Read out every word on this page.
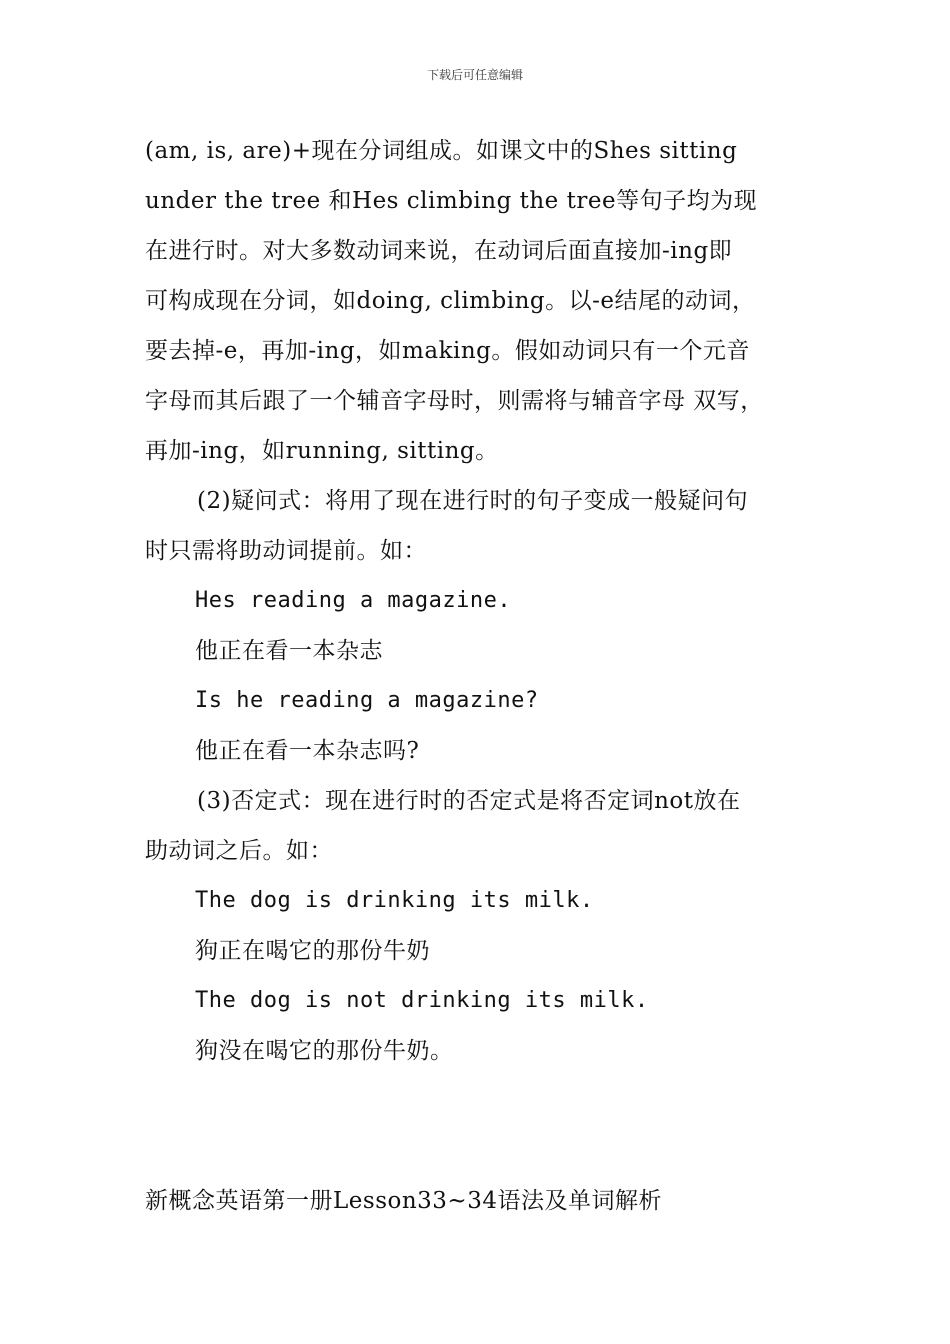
下载后可任意编辑
(am, is, are)+现在分词组成。如课文中的Shes sitting
under the tree 和Hes climbing the tree等句子均为现
在进行时。对大多数动词来说，在动词后面直接加-ing即
可构成现在分词，如doing, climbing。以-e结尾的动词，
要去掉-e，再加-ing，如making。假如动词只有一个元音
字母而其后跟了一个辅音字母时，则需将与辅音字母 双写，
再加-ing，如running, sitting。
(2)疑问式：将用了现在进行时的句子变成一般疑问句
时只需将助动词提前。如：
Hes reading a magazine.
他正在看一本杂志
Is he reading a magazine?
他正在看一本杂志吗?
(3)否定式：现在进行时的否定式是将否定词not放在
助动词之后。如：
The dog is drinking its milk.
狗正在喝它的那份牛奶
The dog is not drinking its milk.
狗没在喝它的那份牛奶。
新概念英语第一册Lesson33~34语法及单词解析
